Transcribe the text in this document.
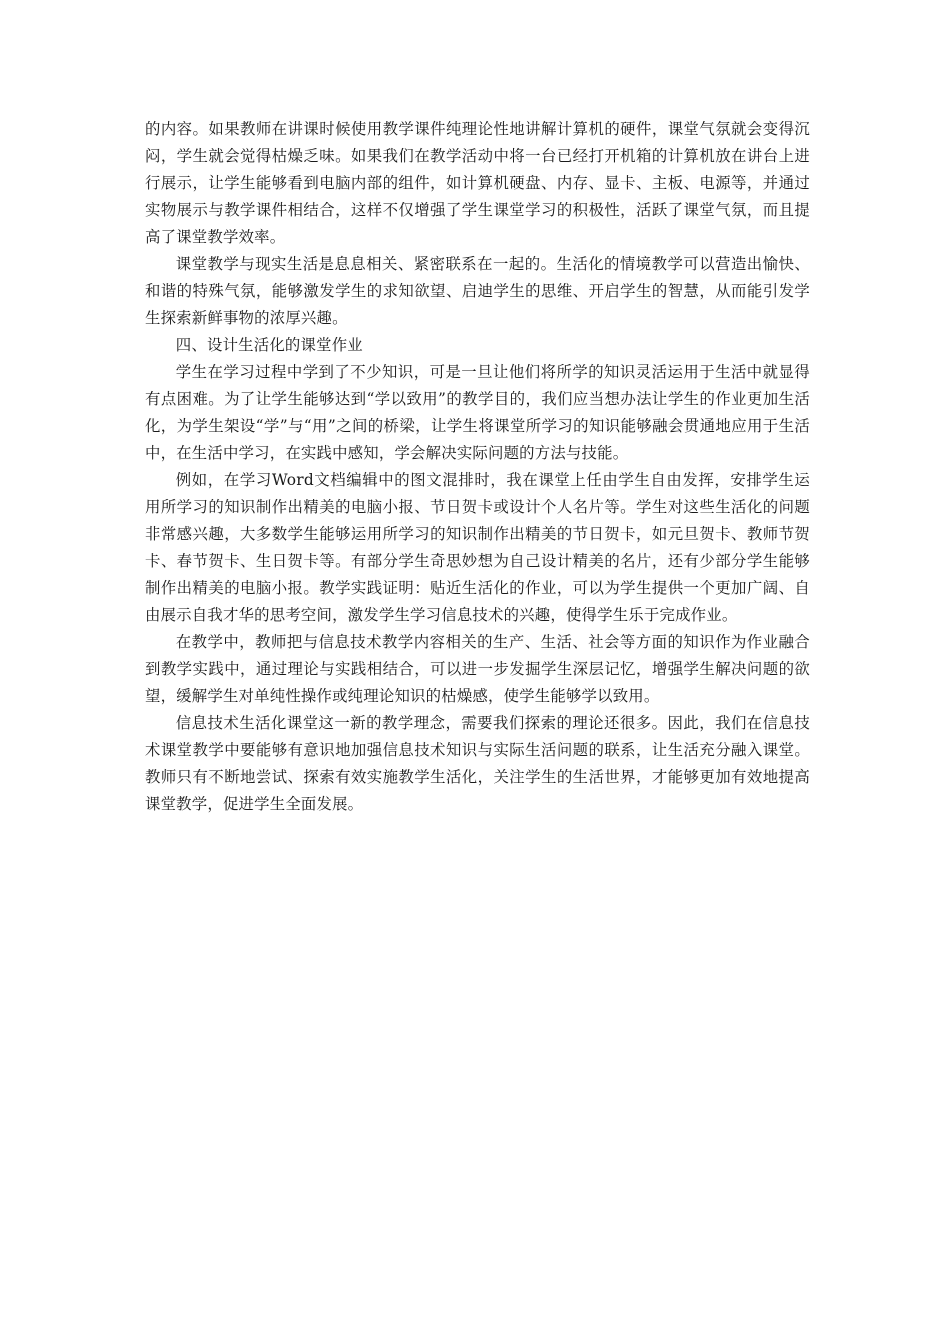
的内容。如果教师在讲课时候使用教学课件纯理论性地讲解计算机的硬件，课堂气氛就会变得沉闷，学生就会觉得枯燥乏味。如果我们在教学活动中将一台已经打开机箱的计算机放在讲台上进行展示，让学生能够看到电脑内部的组件，如计算机硬盘、内存、显卡、主板、电源等，并通过实物展示与教学课件相结合，这样不仅增强了学生课堂学习的积极性，活跃了课堂气氛，而且提高了课堂教学效率。

课堂教学与现实生活是息息相关、紧密联系在一起的。生活化的情境教学可以营造出愉快、和谐的特殊气氛，能够激发学生的求知欲望、启迪学生的思维、开启学生的智慧，从而能引发学生探索新鲜事物的浓厚兴趣。

四、设计生活化的课堂作业

学生在学习过程中学到了不少知识，可是一旦让他们将所学的知识灵活运用于生活中就显得有点困难。为了让学生能够达到“学以致用”的教学目的，我们应当想办法让学生的作业更加生活化，为学生架设“学”与“用”之间的桥梁，让学生将课堂所学习的知识能够融会贯通地应用于生活中，在生活中学习，在实践中感知，学会解决实际问题的方法与技能。

例如，在学习Word文档编辑中的图文混排时，我在课堂上任由学生自由发挥，安排学生运用所学习的知识制作出精美的电脑小报、节日贺卡或设计个人名片等。学生对这些生活化的问题非常感兴趣，大多数学生能够运用所学习的知识制作出精美的节日贺卡，如元旦贺卡、教师节贺卡、春节贺卡、生日贺卡等。有部分学生奇思妙想为自己设计精美的名片，还有少部分学生能够制作出精美的电脑小报。教学实践证明：贴近生活化的作业，可以为学生提供一个更加广阔、自由展示自我才华的思考空间，激发学生学习信息技术的兴趣，使得学生乐于完成作业。

在教学中，教师把与信息技术教学内容相关的生产、生活、社会等方面的知识作为作业融合到教学实践中，通过理论与实践相结合，可以进一步发掘学生深层记忆，增强学生解决问题的欲望，缓解学生对单纯性操作或纯理论知识的枯燥感，使学生能够学以致用。

信息技术生活化课堂这一新的教学理念，需要我们探索的理论还很多。因此，我们在信息技术课堂教学中要能够有意识地加强信息技术知识与实际生活问题的联系，让生活充分融入课堂。教师只有不断地尝试、探索有效实施教学生活化，关注学生的生活世界，才能够更加有效地提高课堂教学，促进学生全面发展。
